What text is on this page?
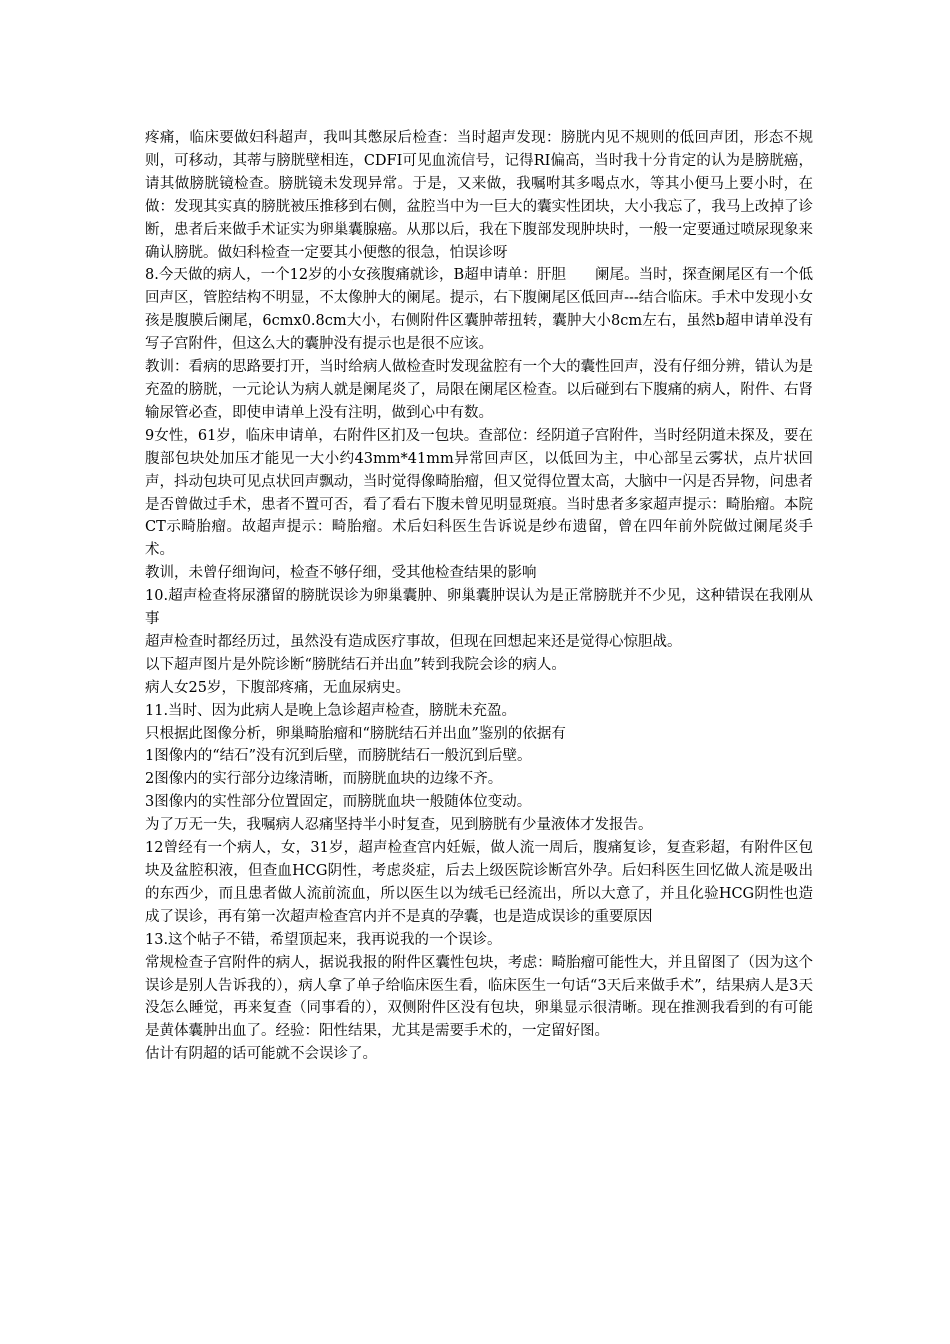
疼痛，临床要做妇科超声，我叫其憋尿后检查：当时超声发现：膀胱内见不规则的低回声团，形态不规则，可移动，其蒂与膀胱壁相连，CDFI可见血流信号，记得RI偏高，当时我十分肯定的认为是膀胱癌，请其做膀胱镜检查。膀胱镜未发现异常。于是，又来做，我嘱咐其多喝点水，等其小便马上要小时，在做：发现其实真的膀胱被压推移到右侧，盆腔当中为一巨大的囊实性团块，大小我忘了，我马上改掉了诊断，患者后来做手术证实为卵巢囊腺癌。从那以后，我在下腹部发现肿块时，一般一定要通过喷尿现象来确认膀胱。做妇科检查一定要其小便憋的很急，怕误诊呀

8.今天做的病人，一个12岁的小女孩腹痛就诊，B超申请单：肝胆　　阑尾。当时，探查阑尾区有一个低回声区，管腔结构不明显，不太像肿大的阑尾。提示，右下腹阑尾区低回声---结合临床。手术中发现小女孩是腹膜后阑尾，6cmx0.8cm大小，右侧附件区囊肿蒂扭转，囊肿大小8cm左右，虽然b超申请单没有写子宫附件，但这么大的囊肿没有提示也是很不应该。

教训：看病的思路要打开，当时给病人做检查时发现盆腔有一个大的囊性回声，没有仔细分辨，错认为是充盈的膀胱，一元论认为病人就是阑尾炎了，局限在阑尾区检查。以后碰到右下腹痛的病人，附件、右肾 输尿管必查，即使申请单上没有注明，做到心中有数。

9女性，61岁，临床申请单，右附件区扪及一包块。查部位：经阴道子宫附件，当时经阴道未探及，要在腹部包块处加压才能见一大小约43mm*41mm异常回声区，以低回为主，中心部呈云雾状，点片状回声，抖动包块可见点状回声飘动，当时觉得像畸胎瘤，但又觉得位置太高，大脑中一闪是否异物，问患者是否曾做过手术，患者不置可否，看了看右下腹未曾见明显斑痕。当时患者多家超声提示：畸胎瘤。本院CT示畸胎瘤。故超声提示：畸胎瘤。术后妇科医生告诉说是纱布遗留，曾在四年前外院做过阑尾炎手术。

教训，未曾仔细询问，检查不够仔细，受其他检查结果的影响

10.超声检查将尿潴留的膀胱误诊为卵巢囊肿、卵巢囊肿误认为是正常膀胱并不少见，这种错误在我刚从事

超声检查时都经历过，虽然没有造成医疗事故，但现在回想起来还是觉得心惊胆战。

以下超声图片是外院诊断“膀胱结石并出血”转到我院会诊的病人。

病人女25岁，下腹部疼痛，无血尿病史。

11.当时、因为此病人是晚上急诊超声检查，膀胱未充盈。

只根据此图像分析，卵巢畸胎瘤和“膀胱结石并出血”鉴别的依据有

1图像内的“结石”没有沉到后壁，而膀胱结石一般沉到后壁。

2图像内的实行部分边缘清晰，而膀胱血块的边缘不齐。

3图像内的实性部分位置固定，而膀胱血块一般随体位变动。

为了万无一失，我嘱病人忍痛坚持半小时复查，见到膀胱有少量液体才发报告。

12曾经有一个病人，女，31岁，超声检查宫内妊娠，做人流一周后，腹痛复诊，复查彩超，有附件区包块及盆腔积液，但查血HCG阴性，考虑炎症，后去上级医院诊断宫外孕。后妇科医生回忆做人流是吸出的东西少，而且患者做人流前流血，所以医生以为绒毛已经流出，所以大意了，并且化验HCG阴性也造成了误诊，再有第一次超声检查宫内并不是真的孕囊，也是造成误诊的重要原因

13.这个帖子不错，希望顶起来，我再说我的一个误诊。

常规检查子宫附件的病人，据说我报的附件区囊性包块，考虑：畸胎瘤可能性大，并且留图了（因为这个误诊是别人告诉我的），病人拿了单子给临床医生看，临床医生一句话“3天后来做手术”，结果病人是3天没怎么睡觉，再来复查（同事看的），双侧附件区没有包块，卵巢显示很清晰。现在推测我看到的有可能是黄体囊肿出血了。经验：阳性结果，尤其是需要手术的，一定留好图。

估计有阴超的话可能就不会误诊了。
